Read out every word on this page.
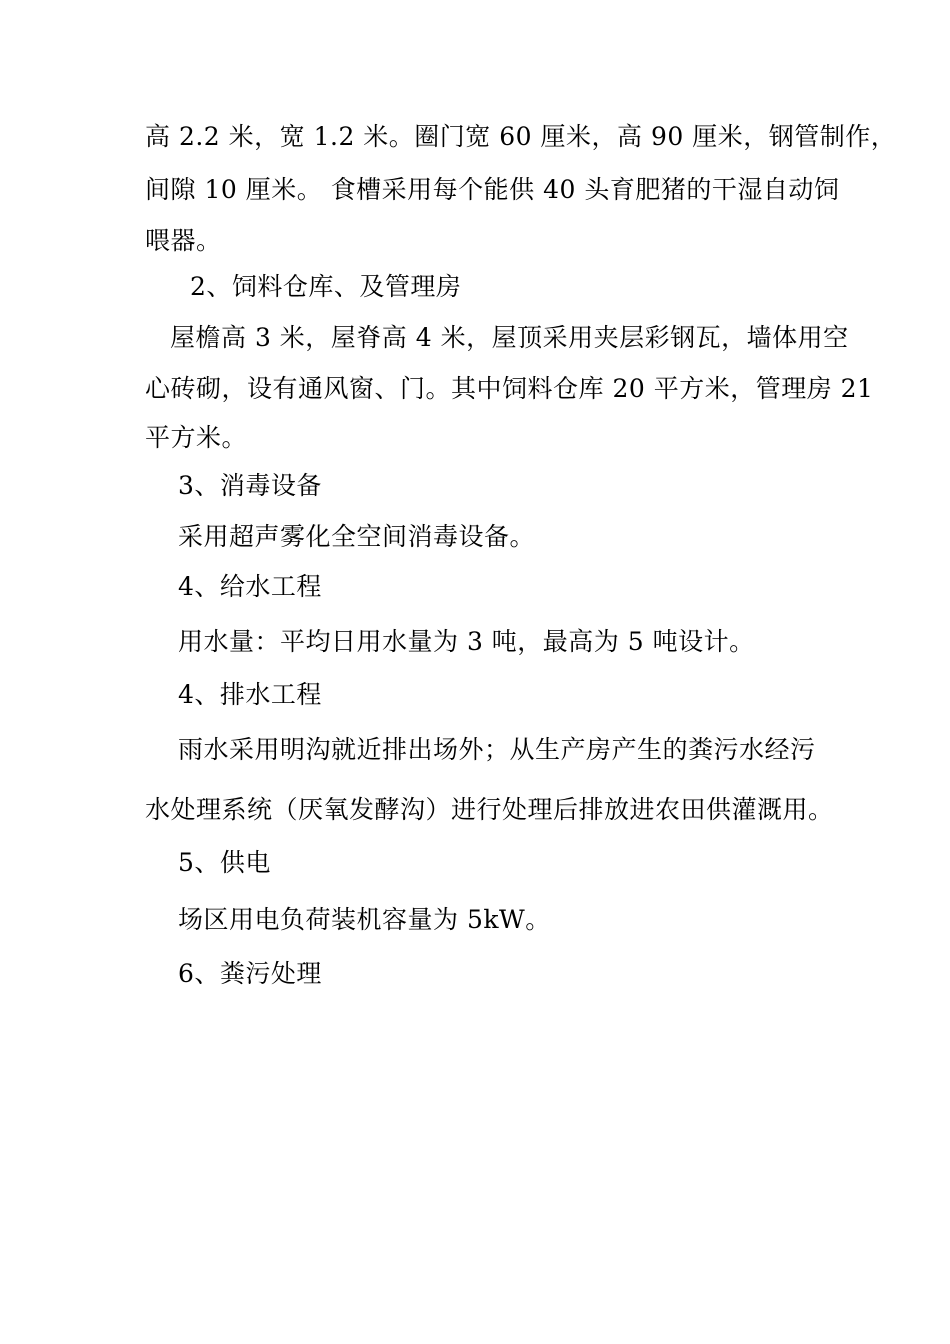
高 2.2 米，宽 1.2 米。圈门宽 60 厘米，高 90 厘米，钢管制作，
间隙 10 厘米。 食槽采用每个能供 40 头育肥猪的干湿自动饲
喂器。
2、饲料仓库、及管理房
屋檐高 3 米，屋脊高 4 米，屋顶采用夹层彩钢瓦，墙体用空
心砖砌，设有通风窗、门。其中饲料仓库 20 平方米，管理房 21
平方米。
3、消毒设备
采用超声雾化全空间消毒设备。
4、给水工程
用水量：平均日用水量为 3 吨，最高为 5 吨设计。
4、排水工程
雨水采用明沟就近排出场外；从生产房产生的粪污水经污
水处理系统（厌氧发酵沟）进行处理后排放进农田供灌溉用。
5、供电
场区用电负荷装机容量为 5kW。
6、粪污处理
